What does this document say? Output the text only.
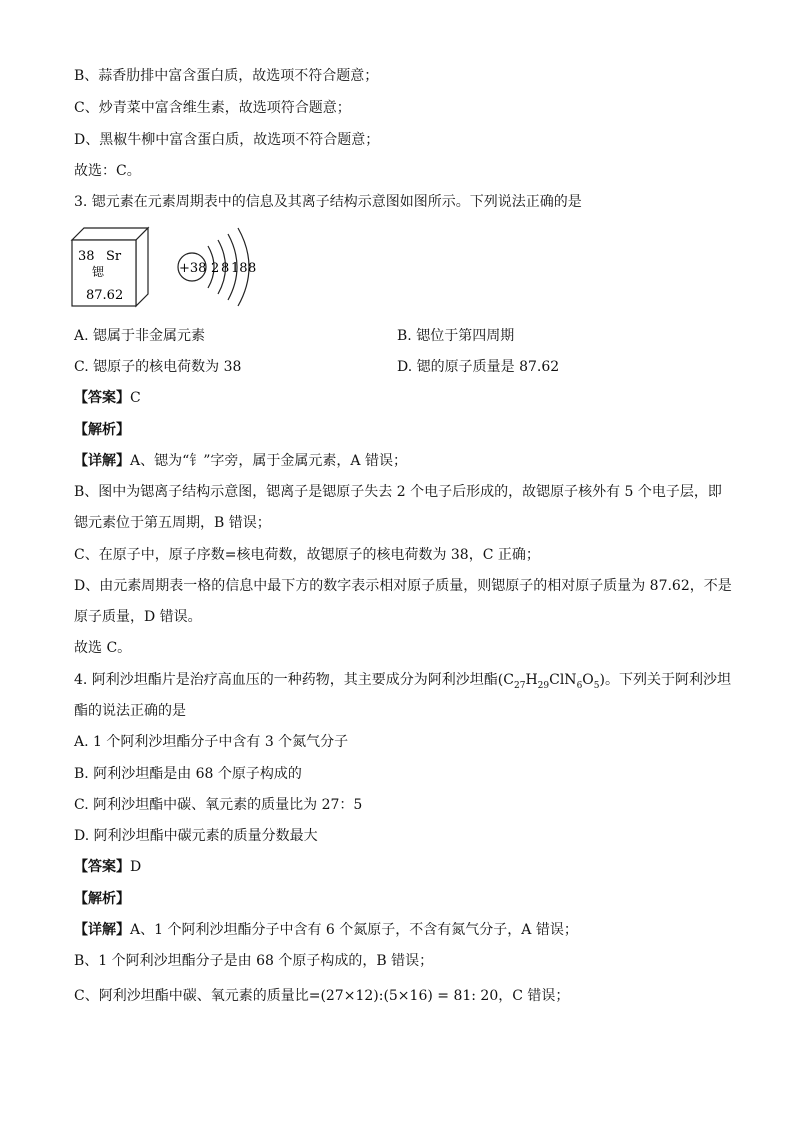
B、蒜香肋排中富含蛋白质，故选项不符合题意；
C、炒青菜中富含维生素，故选项符合题意；
D、黑椒牛柳中富含蛋白质，故选项不符合题意；
故选：C。
3. 锶元素在元素周期表中的信息及其离子结构示意图如图所示。下列说法正确的是
38 Sr
锶
87.62
+38 2 8 18 8
A. 锶属于非金属元素	B. 锶位于第四周期
C. 锶原子的核电荷数为 38	D. 锶的原子质量是 87.62
【答案】C
【解析】
【详解】A、锶为“钅”字旁，属于金属元素，A 错误；
B、图中为锶离子结构示意图，锶离子是锶原子失去 2 个电子后形成的，故锶原子核外有 5 个电子层，即
锶元素位于第五周期，B 错误；
C、在原子中，原子序数=核电荷数，故锶原子的核电荷数为 38，C 正确；
D、由元素周期表一格的信息中最下方的数字表示相对原子质量，则锶原子的相对原子质量为 87.62，不是
原子质量，D 错误。
故选 C。
4. 阿利沙坦酯片是治疗高血压的一种药物，其主要成分为阿利沙坦酯$(C_{27}H_{29}ClN_6O_5)$。下列关于阿利沙坦
酯的说法正确的是
A. 1 个阿利沙坦酯分子中含有 3 个氮气分子
B. 阿利沙坦酯是由 68 个原子构成的
C. 阿利沙坦酯中碳、氧元素的质量比为 27：5
D. 阿利沙坦酯中碳元素的质量分数最大
【答案】D
【解析】
【详解】A、1 个阿利沙坦酯分子中含有 6 个氮原子，不含有氮气分子，A 错误；
B、1 个阿利沙坦酯分子是由 68 个原子构成的，B 错误；
C、阿利沙坦酯中碳、氧元素的质量比=(27×12):(5×16) = 81: 20，C 错误；
